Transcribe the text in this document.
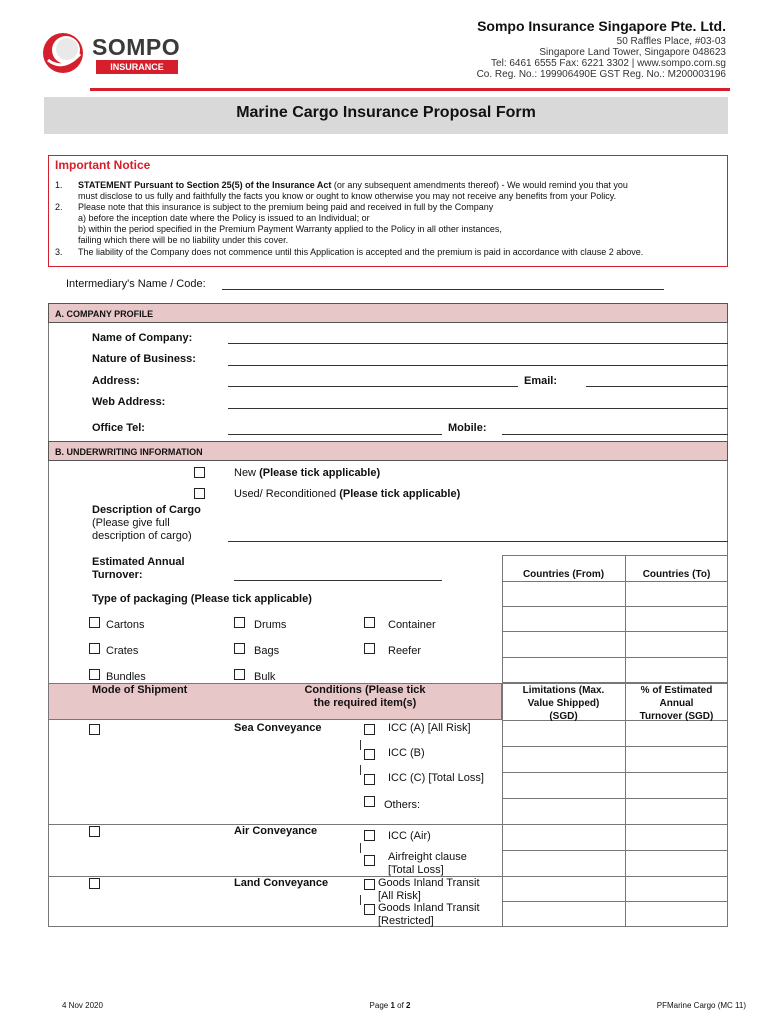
SOMPO
INSURANCE
Sompo Insurance Singapore Pte. Ltd.
50 Raffles Place, #03-03
Singapore Land Tower, Singapore 048623
Tel: 6461 6555 Fax: 6221 3302 | www.sompo.com.sg
Co. Reg. No.: 199906490E GST Reg. No.: M200003196
Marine Cargo Insurance Proposal Form
Important Notice
1. STATEMENT Pursuant to Section 25(5) of the Insurance Act (or any subsequent amendments thereof) - We would remind you that you
must disclose to us fully and faithfully the facts you know or ought to know otherwise you may not receive any benefits from your Policy.
2. Please note that this insurance is subject to the premium being paid and received in full by the Company
a) before the inception date where the Policy is issued to an Individual; or
b) within the period specified in the Premium Payment Warranty applied to the Policy in all other instances,
failing which there will be no liability under this cover.
3. The liability of the Company does not commence until this Application is accepted and the premium is paid in accordance with clause 2 above.
Intermediary's Name / Code:
A. COMPANY PROFILE
Name of Company:
Nature of Business:
Address:	Email:
Web Address:
Office Tel:	Mobile:
B. UNDERWRITING INFORMATION
New (Please tick applicable)
Used/ Reconditioned (Please tick applicable)
Description of Cargo
(Please give full
description of cargo)
Estimated Annual
Turnover:	Countries (From)	Countries (To)
Type of packaging (Please tick applicable)
Cartons	Drums	Container
Crates	Bags	Reefer
Bundles	Bulk
Mode of Shipment	Conditions (Please tick
the required item(s)
Limitations (Max.
Value Shipped)
(SGD)
% of Estimated
Annual
Turnover (SGD)
Sea Conveyance	ICC (A) [All Risk]
ICC (B)
ICC (C) [Total Loss]
Others:
Air Conveyance	ICC (Air)
Airfreight clause
[Total Loss]
Land Conveyance	Goods Inland Transit
[All Risk]
Goods Inland Transit
[Restricted]
4 Nov 2020	Page 1 of 2	PFMarine Cargo (MC 11)
